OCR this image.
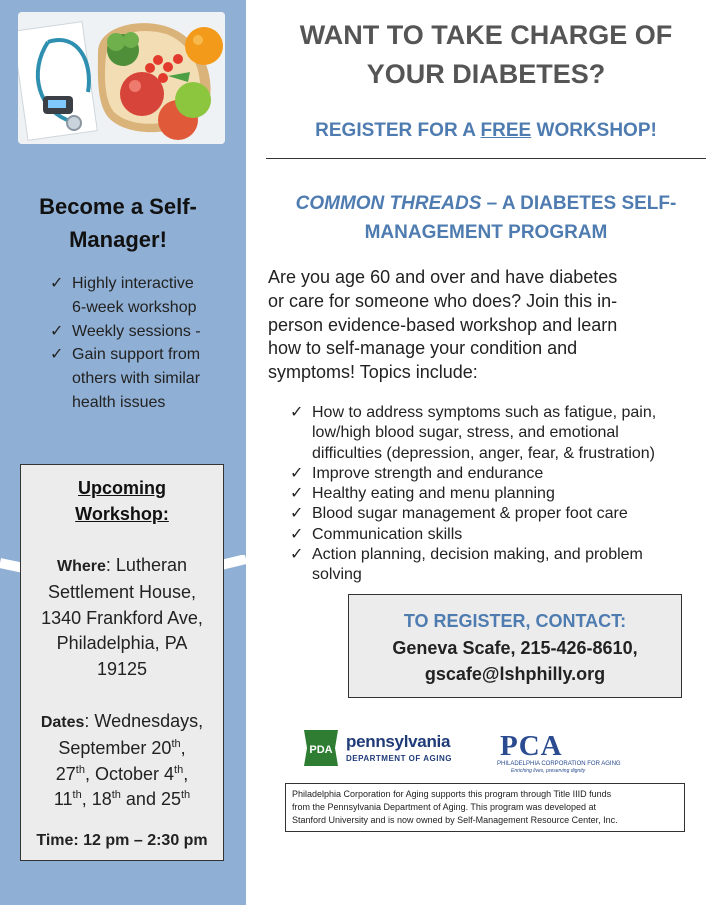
Become a Self-
Manager!
✓ Highly interactive
6-week workshop
✓ Weekly sessions -
✓ Gain support from
others with similar
health issues
Upcoming
Workshop:
Where: Lutheran
Settlement House,
1340 Frankford Ave,
Philadelphia, PA
19125
Dates: Wednesdays,
September 20th,
27th, October 4th,
11th, 18th and 25th
Time: 12 pm – 2:30 pm
WANT TO TAKE CHARGE OF
YOUR DIABETES?
REGISTER FOR A FREE WORKSHOP!
COMMON THREADS – A DIABETES SELF-
MANAGEMENT PROGRAM
Are you age 60 and over and have diabetes
or care for someone who does? Join this in-
person evidence-based workshop and learn
how to self-manage your condition and
symptoms! Topics include:
✓ How to address symptoms such as fatigue, pain,
low/high blood sugar, stress, and emotional
difficulties (depression, anger, fear, & frustration)
✓ Improve strength and endurance
✓ Healthy eating and menu planning
✓ Blood sugar management & proper foot care
✓ Communication skills
✓ Action planning, decision making, and problem
solving
TO REGISTER, CONTACT:
Geneva Scafe, 215-426-8610,
gscafe@lshphilly.org
PDA pennsylvania
DEPARTMENT OF AGING PCA
PHILADELPHIA CORPORATION FOR AGING
Enriching lives, preserving dignity
Philadelphia Corporation for Aging supports this program through Title IIID funds
from the Pennsylvania Department of Aging. This program was developed at
Stanford University and is now owned by Self-Management Resource Center, Inc.
